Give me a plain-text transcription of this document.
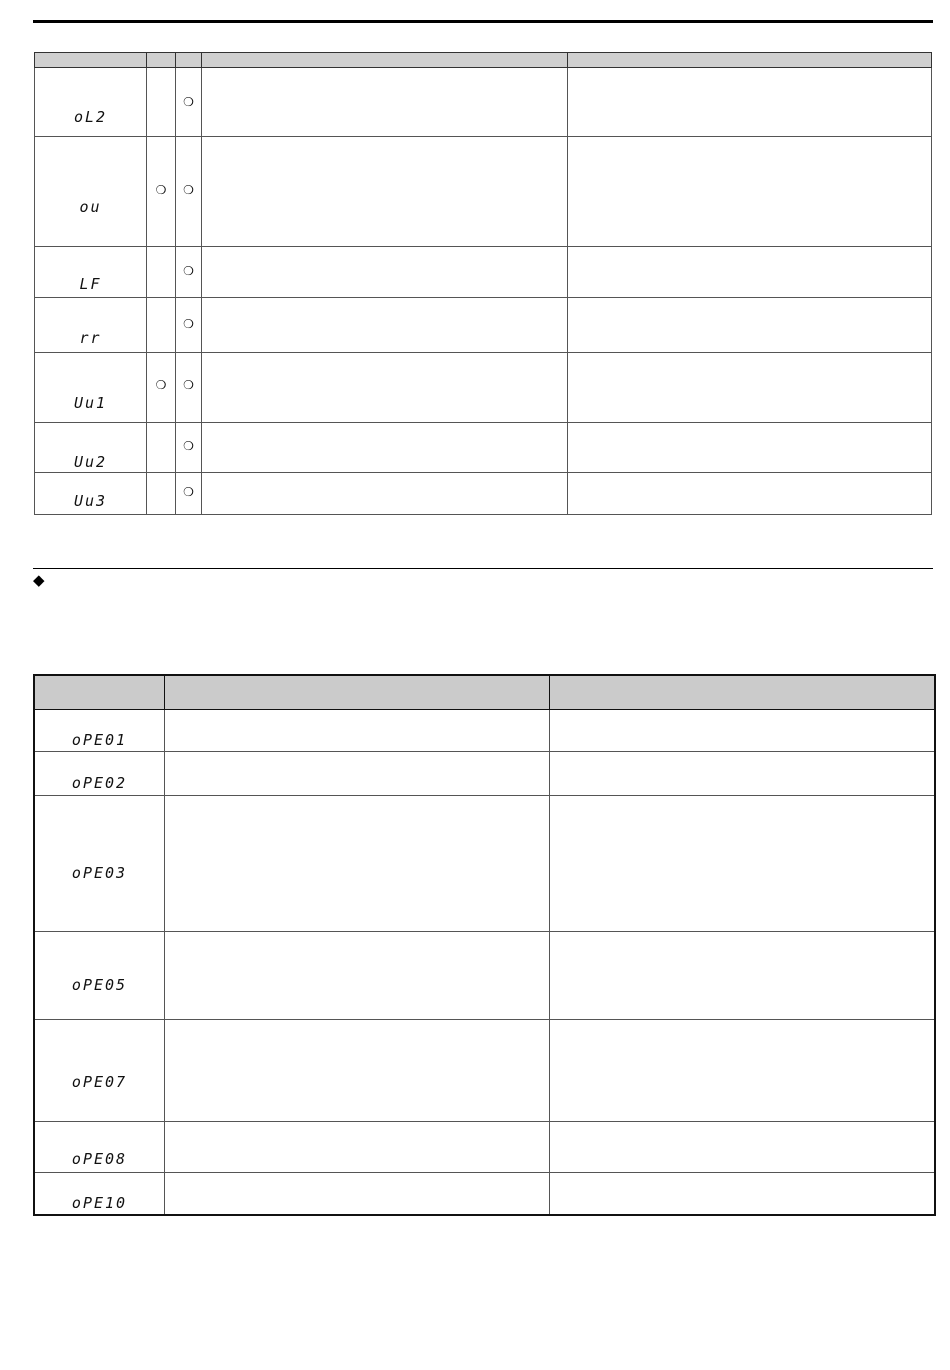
oL2		❍		

ou	❍	❍		

LF		❍		

rr		❍		

Uu1	❍	❍		

Uu2		❍		

Uu3		❍		

◆

oPE01		

oPE02		

oPE03		

oPE05		

oPE07		

oPE08		

oPE10		
